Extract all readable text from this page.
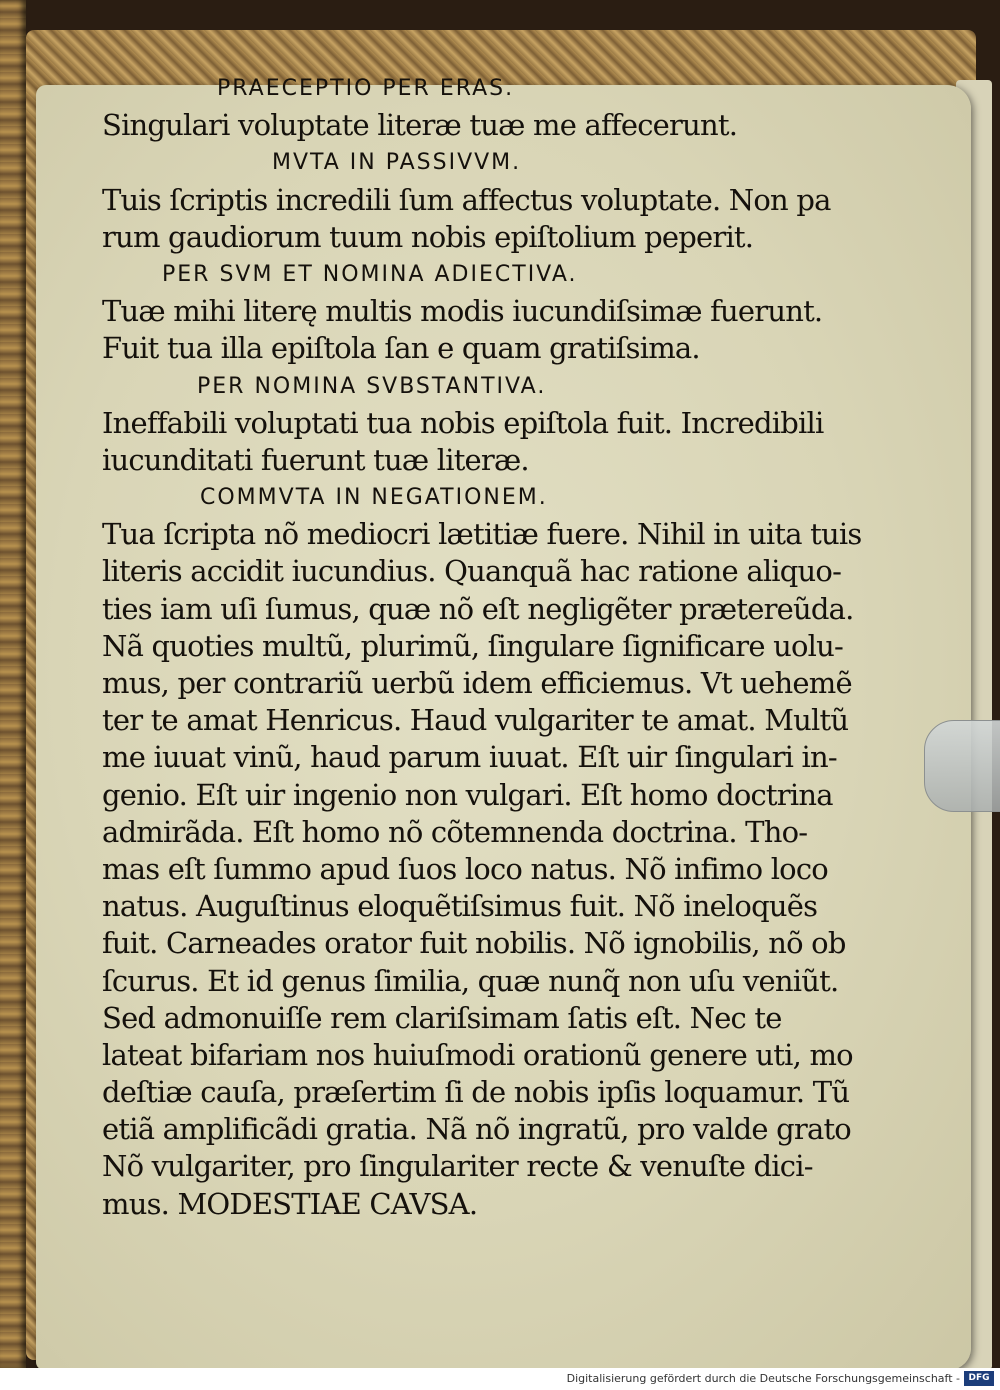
PRAECEPTIO PER ERAS.
Singulari voluptate literæ tuæ me affecerunt.
MVTA IN PASSIVVM.
Tuis ſcriptis incredili ſum affectus voluptate. Non pa
rum gaudiorum tuum nobis epiſtolium peperit.
PER SVM ET NOMINA ADIECTIVA.
Tuæ mihi literę multis modis iucundiſsimæ fuerunt.
Fuit tua illa epiſtola ſan e quam gratiſsima.
PER NOMINA SVBSTANTIVA.
Ineffabili voluptati tua nobis epiſtola fuit. Incredibili
iucunditati fuerunt tuæ literæ.
COMMVTA IN NEGATIONEM.
Tua ſcripta nõ mediocri lætitiæ fuere. Nihil in uita tuis
literis accidit iucundius. Quanquã hac ratione aliquo-
ties iam uſi ſumus, quæ nõ eſt negligẽter prætereũda.
Nã quoties multũ, plurimũ, ſingulare ſignificare uolu-
mus, per contrariũ uerbũ idem efficiemus. Vt uehemẽ
ter te amat Henricus. Haud vulgariter te amat. Multũ
me iuuat vinũ, haud parum iuuat. Eſt uir ſingulari in-
genio. Eſt uir ingenio non vulgari. Eſt homo doctrina
admirãda. Eſt homo nõ cõtemnenda doctrina. Tho-
mas eſt ſummo apud ſuos loco natus. Nõ infimo loco
natus. Auguſtinus eloquẽtiſsimus fuit. Nõ ineloquẽs
fuit. Carneades orator fuit nobilis. Nõ ignobilis, nõ ob
ſcurus. Et id genus ſimilia, quæ nunq̃ non uſu veniũt.
Sed admonuiſſe rem clariſsimam ſatis eſt. Nec te
lateat bifariam nos huiuſmodi orationũ genere uti, mo
deſtiæ cauſa, præſertim ſi de nobis ipſis loquamur. Tũ
etiã amplificãdi gratia. Nã nõ ingratũ, pro valde grato
Nõ vulgariter, pro ſingulariter recte & venuſte dici-
mus. MODESTIAE CAVSA.
Digitalisierung gefördert durch die Deutsche Forschungsgemeinschaft - DFG
